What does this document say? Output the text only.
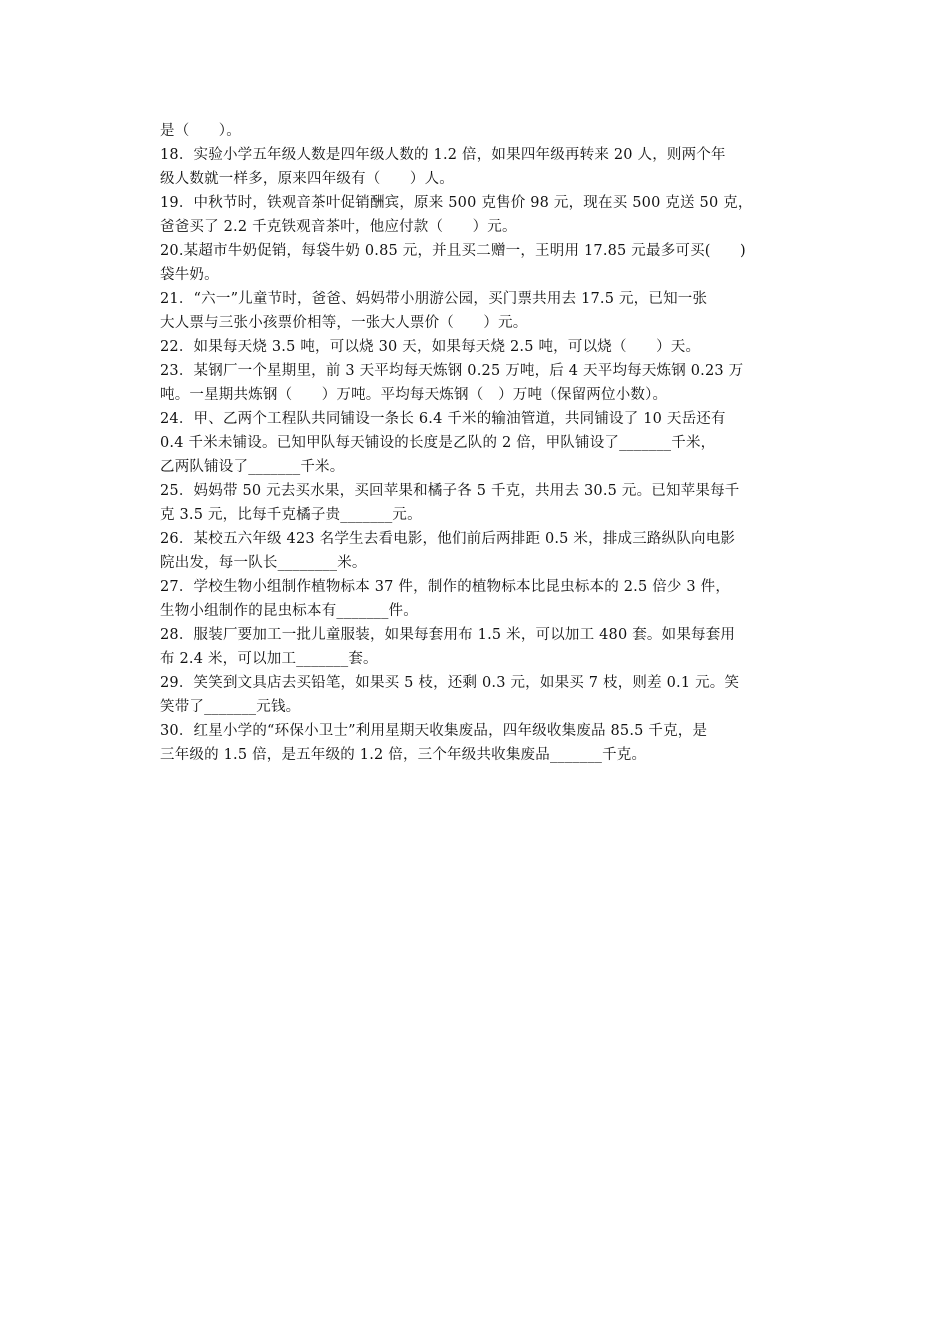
是（　　）。
18．实验小学五年级人数是四年级人数的 1.2 倍，如果四年级再转来 20 人，则两个年
级人数就一样多，原来四年级有（　　）人。
19．中秋节时，铁观音茶叶促销酬宾，原来 500 克售价 98 元，现在买 500 克送 50 克，
爸爸买了 2.2 千克铁观音茶叶，他应付款（　　）元。
20.某超市牛奶促销，每袋牛奶 0.85 元，并且买二赠一，王明用 17.85 元最多可买(　　)
袋牛奶。
21．“六一”儿童节时，爸爸、妈妈带小朋游公园，买门票共用去 17.5 元，已知一张
大人票与三张小孩票价相等，一张大人票价（　　）元。
22．如果每天烧 3.5 吨，可以烧 30 天，如果每天烧 2.5 吨，可以烧（　　）天。
23．某钢厂一个星期里，前 3 天平均每天炼钢 0.25 万吨，后 4 天平均每天炼钢 0.23 万
吨。一星期共炼钢（　　）万吨。平均每天炼钢（　）万吨（保留两位小数）。
24．甲、乙两个工程队共同铺设一条长 6.4 千米的输油管道，共同铺设了 10 天岳还有
0.4 千米未铺设。已知甲队每天铺设的长度是乙队的 2 倍，甲队铺设了_______千米，
乙两队铺设了_______千米。
25．妈妈带 50 元去买水果，买回苹果和橘子各 5 千克，共用去 30.5 元。已知苹果每千
克 3.5 元，比每千克橘子贵_______元。
26．某校五六年级 423 名学生去看电影，他们前后两排距 0.5 米，排成三路纵队向电影
院出发，每一队长________米。
27．学校生物小组制作植物标本 37 件，制作的植物标本比昆虫标本的 2.5 倍少 3 件，
生物小组制作的昆虫标本有_______件。
28．服装厂要加工一批儿童服装，如果每套用布 1.5 米，可以加工 480 套。如果每套用
布 2.4 米，可以加工_______套。
29．笑笑到文具店去买铅笔，如果买 5 枝，还剩 0.3 元，如果买 7 枝，则差 0.1 元。笑
笑带了_______元钱。
30．红星小学的“环保小卫士”利用星期天收集废品，四年级收集废品 85.5 千克，是
三年级的 1.5 倍，是五年级的 1.2 倍，三个年级共收集废品_______千克。
